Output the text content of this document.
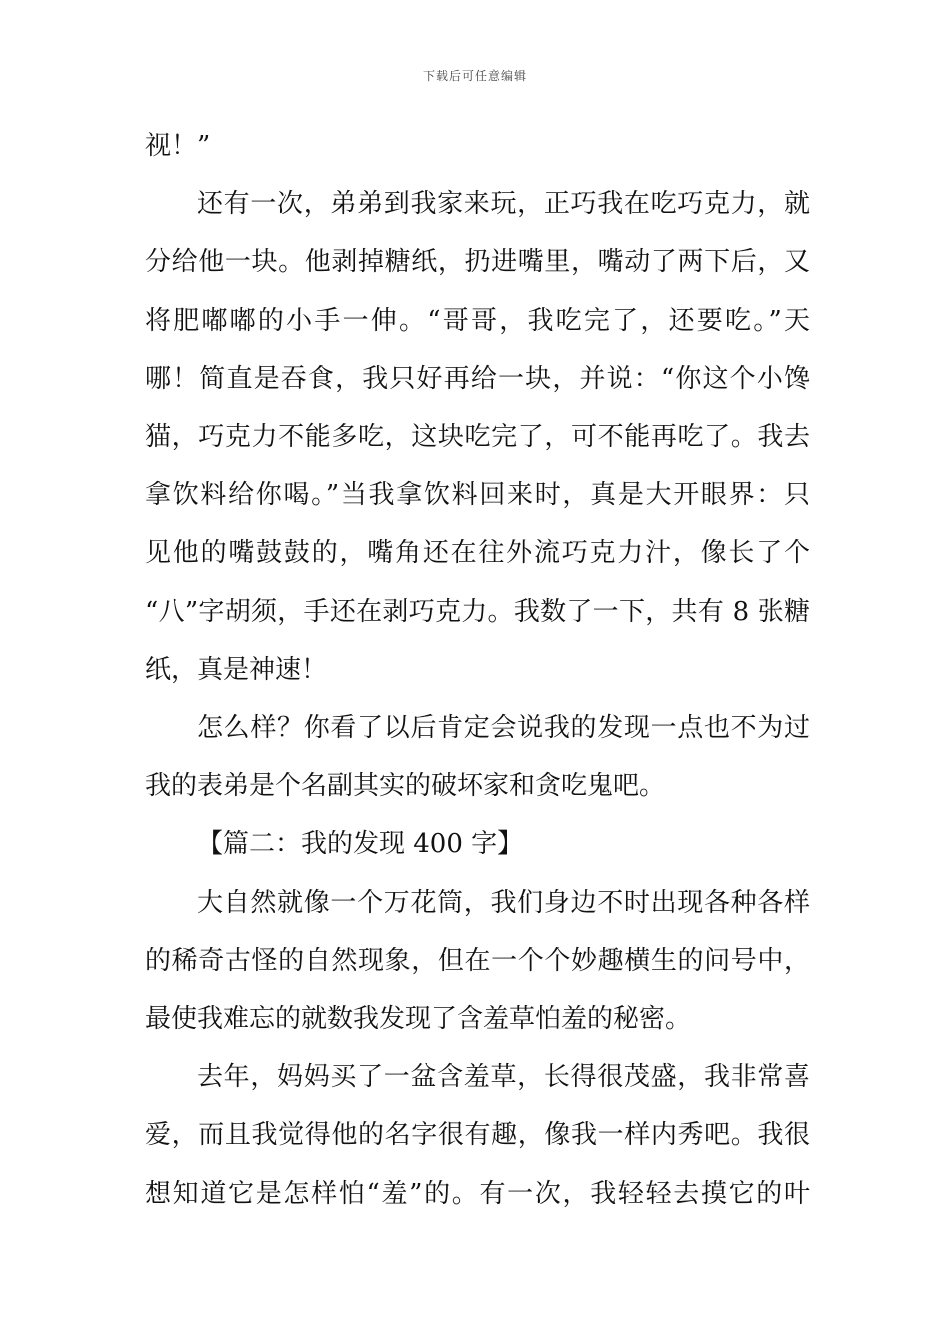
下载后可任意编辑
视！”
还有一次，弟弟到我家来玩，正巧我在吃巧克力，就
分给他一块。他剥掉糖纸，扔进嘴里，嘴动了两下后，又
将肥嘟嘟的小手一伸。“哥哥，我吃完了，还要吃。”天
哪！简直是吞食，我只好再给一块，并说：“你这个小馋
猫，巧克力不能多吃，这块吃完了，可不能再吃了。我去
拿饮料给你喝。”当我拿饮料回来时，真是大开眼界：只
见他的嘴鼓鼓的，嘴角还在往外流巧克力汁，像长了个
“八”字胡须，手还在剥巧克力。我数了一下，共有 8 张糖
纸，真是神速！
怎么样？你看了以后肯定会说我的发现一点也不为过
我的表弟是个名副其实的破坏家和贪吃鬼吧。
【篇二：我的发现 400 字】
大自然就像一个万花筒，我们身边不时出现各种各样
的稀奇古怪的自然现象，但在一个个妙趣横生的问号中，
最使我难忘的就数我发现了含羞草怕羞的秘密。
去年，妈妈买了一盆含羞草，长得很茂盛，我非常喜
爱，而且我觉得他的名字很有趣，像我一样内秀吧。我很
想知道它是怎样怕“羞”的。有一次，我轻轻去摸它的叶
